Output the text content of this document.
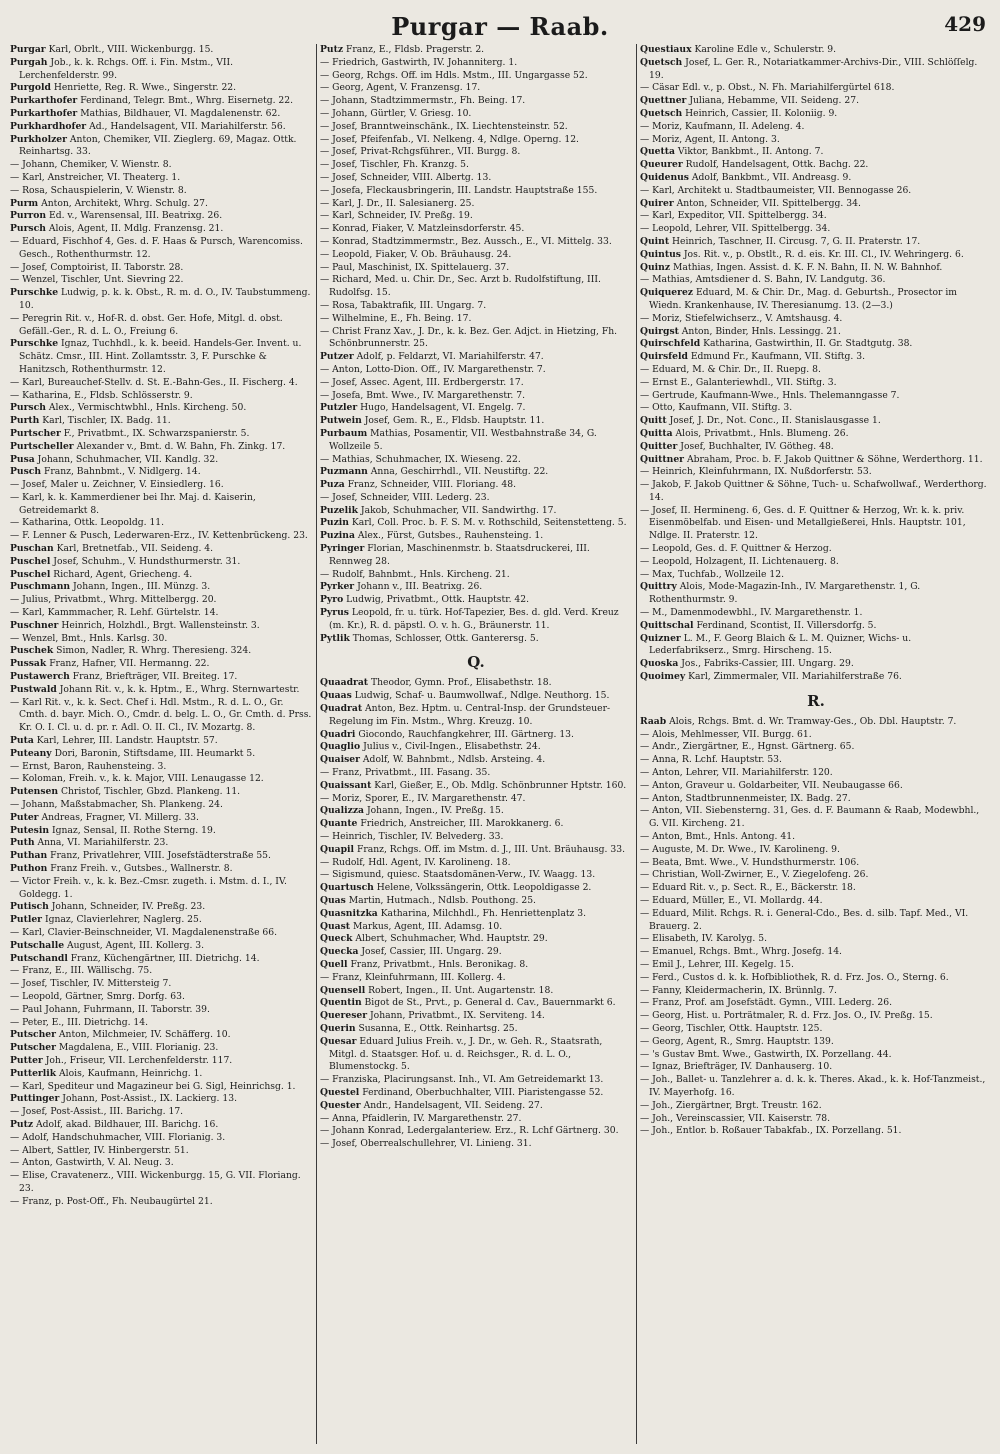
Purgar — Raab.	429
Purgar Karl, Obrlt., VIII. Wickenburgg. 15.
Purgah Job., k. k. Rchgs. Off. i. Fin. Mstm., VII. Lerchenfelderstr. 99.
Purgold Henriette, Reg. R. Wwe., Singerstr. 22.
Purkarthofer Ferdinand, Telegr. Bmt., Whrg. Eisernetg. 22.
Purkarthofer Mathias, Bildhauer, VI. Magdalenenstr. 62.
Purkhardhofer Ad., Handelsagent, VII. Mariahilferstr. 56.
Purkholzer Anton, Chemiker, VII. Zieglerg. 69, Magaz. Ottk. Reinhartsg. 33.
— Johann, Chemiker, V. Wienstr. 8.
— Karl, Anstreicher, VI. Theaterg. 1.
— Rosa, Schauspielerin, V. Wienstr. 8.
Purm Anton, Architekt, Whrg. Schulg. 27.
Purron Ed. v., Warensensal, III. Beatrixg. 26.
Pursch Alois, Agent, II. Mdlg. Franzensg. 21.
— Eduard, Fischhof 4, Ges. d. F. Haas & Pursch, Warencomiss. Gesch., Rothenthurmstr. 12.
— Josef, Comptoirist, II. Taborstr. 28.
— Wenzel, Tischler, Unt. Sievring 22.
Purschke Ludwig, p. k. k. Obst., R. m. d. O., IV. Taubstummeng. 10.
— Peregrin Rit. v., Hof-R. d. obst. Ger. Hofe, Mitgl. d. obst. Gefäll.-Ger., R. d. L. O., Freiung 6.
Purschke Ignaz, Tuchhdl., k. k. beeid. Handels-Ger. Invent. u. Schätz. Cmsr., III. Hint. Zollamtsstr. 3, F. Purschke & Hanitzsch, Rothenthurmstr. 12.
— Karl, Bureauchef-Stellv. d. St. E.-Bahn-Ges., II. Fischerg. 4.
— Katharina, E., Fldsb. Schlösserstr. 9.
Pursch Alex., Vermischtwbhl., Hnls. Kircheng. 50.
Purth Karl, Tischler, IX. Badg. 11.
Purtscher F., Privatbmt., IX. Schwarzspanierstr. 5.
Purtscheller Alexander v., Bmt. d. W. Bahn, Fh. Zinkg. 17.
Pusa Johann, Schuhmacher, VII. Kandlg. 32.
Pusch Franz, Bahnbmt., V. Nidlgerg. 14.
— Josef, Maler u. Zeichner, V. Einsiedlerg. 16.
— Karl, k. k. Kammerdiener bei Ihr. Maj. d. Kaiserin, Getreidemarkt 8.
— Katharina, Ottk. Leopoldg. 11.
— F. Lenner & Pusch, Lederwaren-Erz., IV. Kettenbrückeng. 23.
Puschan Karl, Bretnetfab., VII. Seideng. 4.
Puschel Josef, Schuhm., V. Hundsthurmerstr. 31.
Puschel Richard, Agent, Griecheng. 4.
Puschmann Johann, Ingen., III. Münzg. 3.
— Julius, Privatbmt., Whrg. Mittelbergg. 20.
— Karl, Kammmacher, R. Lehf. Gürtelstr. 14.
Puschner Heinrich, Holzhdl., Brgt. Wallensteinstr. 3.
— Wenzel, Bmt., Hnls. Karlsg. 30.
Puschek Simon, Nadler, R. Whrg. Theresieng. 324.
Pussak Franz, Hafner, VII. Hermanng. 22.
Pustawerch Franz, Briefträger, VII. Breiteg. 17.
Pustwald Johann Rit. v., k. k. Hptm., E., Whrg. Sternwartestr.
— Karl Rit. v., k. k. Sect. Chef i. Hdl. Mstm., R. d. L. O., Gr. Cmth. d. bayr. Mich. O., Cmdr. d. belg. L. O., Gr. Cmth. d. Prss. Kr. O. I. Cl. u. d. pr. r. Adl. O. II. Cl., IV. Mozartg. 8.
Puta Karl, Lehrer, III. Landstr. Hauptstr. 57.
Puteany Dori, Baronin, Stiftsdame, III. Heumarkt 5.
— Ernst, Baron, Rauhensteing. 3.
— Koloman, Freih. v., k. k. Major, VIII. Lenaugasse 12.
Putensen Christof, Tischler, Gbzd. Plankeng. 11.
— Johann, Maßstabmacher, Sh. Plankeng. 24.
Puter Andreas, Fragner, VI. Millerg. 33.
Putesin Ignaz, Sensal, II. Rothe Sterng. 19.
Puth Anna, VI. Mariahilferstr. 23.
Puthan Franz, Privatlehrer, VIII. Josefstädterstraße 55.
Puthon Franz Freih. v., Gutsbes., Wallnerstr. 8.
— Victor Freih. v., k. k. Bez.-Cmsr. zugeth. i. Mstm. d. I., IV. Goldegg. 1.
Putisch Johann, Schneider, IV. Preßg. 23.
Putler Ignaz, Clavierlehrer, Naglerg. 25.
— Karl, Clavier-Beinschneider, VI. Magdalenenstraße 66.
Putschalle August, Agent, III. Kollerg. 3.
Putschandl Franz, Küchengärtner, III. Dietrichg. 14.
— Franz, E., III. Wällischg. 75.
— Josef, Tischler, IV. Mittersteig 7.
— Leopold, Gärtner, Smrg. Dorfg. 63.
— Paul Johann, Fuhrmann, II. Taborstr. 39.
— Peter, E., III. Dietrichg. 14.
Putscher Anton, Milchmeier, IV. Schäfferg. 10.
Putscher Magdalena, E., VIII. Florianig. 23.
Putter Joh., Friseur, VII. Lerchenfelderstr. 117.
Putterlik Alois, Kaufmann, Heinrichg. 1.
— Karl, Spediteur und Magazineur bei G. Sigl, Heinrichsg. 1.
Puttinger Johann, Post-Assist., IX. Lackierg. 13.
— Josef, Post-Assist., III. Barichg. 17.
Putz Adolf, akad. Bildhauer, III. Barichg. 16.
— Adolf, Handschuhmacher, VIII. Florianig. 3.
— Albert, Sattler, IV. Hinbergerstr. 51.
— Anton, Gastwirth, V. Al. Neug. 3.
— Elise, Cravatenerz., VIII. Wickenburgg. 15, G. VII. Floriang. 23.
— Franz, p. Post-Off., Fh. Neubaugürtel 21.
Putz Franz, E., Fldsb. Pragerstr. 2.
— Friedrich, Gastwirth, IV. Johanniterg. 1.
— Georg, Rchgs. Off. im Hdls. Mstm., III. Ungargasse 52.
— Georg, Agent, V. Franzensg. 17.
— Johann, Stadtzimmermstr., Fh. Being. 17.
— Johann, Gürtler, V. Griesg. 10.
— Josef, Branntweinschänk., IX. Liechtensteinstr. 52.
— Josef, Pfeifenfab., VI. Nelkeng. 4, Ndlge. Operng. 12.
— Josef, Privat-Rchgsführer., VII. Burgg. 8.
— Josef, Tischler, Fh. Kranzg. 5.
— Josef, Schneider, VIII. Albertg. 13.
— Josefa, Fleckausbringerin, III. Landstr. Hauptstraße 155.
— Karl, J. Dr., II. Salesianerg. 25.
— Karl, Schneider, IV. Preßg. 19.
— Konrad, Fiaker, V. Matzleinsdorferstr. 45.
— Konrad, Stadtzimmermstr., Bez. Aussch., E., VI. Mittelg. 33.
— Leopold, Fiaker, V. Ob. Bräuhausg. 24.
— Paul, Maschinist, IX. Spittelauerg. 37.
— Richard, Med. u. Chir. Dr., Sec. Arzt b. Rudolfstiftung, III. Rudolfsg. 15.
— Rosa, Tabaktrafik, III. Ungarg. 7.
— Wilhelmine, E., Fh. Being. 17.
— Christ Franz Xav., J. Dr., k. k. Bez. Ger. Adjct. in Hietzing, Fh. Schönbrunnerstr. 25.
Putzer Adolf, p. Feldarzt, VI. Mariahilferstr. 47.
— Anton, Lotto-Dion. Off., IV. Margarethenstr. 7.
— Josef, Assec. Agent, III. Erdbergerstr. 17.
— Josefa, Bmt. Wwe., IV. Margarethenstr. 7.
Putzler Hugo, Handelsagent, VI. Engelg. 7.
Putwein Josef, Gem. R., E., Fldsb. Hauptstr. 11.
Purbaum Mathias, Posamentir, VII. Westbahnstraße 34, G. Wollzeile 5.
— Mathias, Schuhmacher, IX. Wieseng. 22.
Puzmann Anna, Geschirrhdl., VII. Neustiftg. 22.
Puza Franz, Schneider, VIII. Floriang. 48.
— Josef, Schneider, VIII. Lederg. 23.
Puzelik Jakob, Schuhmacher, VII. Sandwirthg. 17.
Puzin Karl, Coll. Proc. b. F. S. M. v. Rothschild, Seitenstetteng. 5.
Puzina Alex., Fürst, Gutsbes., Rauhensteing. 1.
Pyringer Florian, Maschinenmstr. b. Staatsdruckerei, III. Rennweg 28.
— Rudolf, Bahnbmt., Hnls. Kircheng. 21.
Pyrker Johann v., III. Beatrixg. 26.
Pyro Ludwig, Privatbmt., Ottk. Hauptstr. 42.
Pyrus Leopold, fr. u. türk. Hof-Tapezier, Bes. d. gld. Verd. Kreuz (m. Kr.), R. d. päpstl. O. v. h. G., Bräunerstr. 11.
Pytlik Thomas, Schlosser, Ottk. Ganterersg. 5.
Q.
Quaadrat Theodor, Gymn. Prof., Elisabethstr. 18.
Quaas Ludwig, Schaf- u. Baumwollwaf., Ndlge. Neuthorg. 15.
Quadrat Anton, Bez. Hptm. u. Central-Insp. der Grundsteuer-Regelung im Fin. Mstm., Whrg. Kreuzg. 10.
Quadri Giocondo, Rauchfangkehrer, III. Gärtnerg. 13.
Quaglio Julius v., Civil-Ingen., Elisabethstr. 24.
Quaiser Adolf, W. Bahnbmt., Ndlsb. Arsteing. 4.
— Franz, Privatbmt., III. Fasang. 35.
Quaissant Karl, Gießer, E., Ob. Mdlg. Schönbrunner Hptstr. 160.
— Moriz, Sporer, E., IV. Margarethenstr. 47.
Qualizza Johann, Ingen., IV. Preßg. 15.
Quante Friedrich, Anstreicher, III. Marokkanerg. 6.
— Heinrich, Tischler, IV. Belvederg. 33.
Quapil Franz, Rchgs. Off. im Mstm. d. J., III. Unt. Bräuhausg. 33.
— Rudolf, Hdl. Agent, IV. Karolineng. 18.
— Sigismund, quiesc. Staatsdomänen-Verw., IV. Waagg. 13.
Quartusch Helene, Volkssängerin, Ottk. Leopoldigasse 2.
Quas Martin, Hutmach., Ndlsb. Pouthong. 25.
Quasnitzka Katharina, Milchhdl., Fh. Henriettenplatz 3.
Quast Markus, Agent, III. Adamsg. 10.
Queck Albert, Schuhmacher, Whd. Hauptstr. 29.
Quecka Josef, Cassier, III. Ungarg. 29.
Quell Franz, Privatbmt., Hnls. Beronikag. 8.
— Franz, Kleinfuhrmann, III. Kollerg. 4.
Quensell Robert, Ingen., II. Unt. Augartenstr. 18.
Quentin Bigot de St., Prvt., p. General d. Cav., Bauernmarkt 6.
Quereser Johann, Privatbmt., IX. Serviteng. 14.
Querin Susanna, E., Ottk. Reinhartsg. 25.
Quesar Eduard Julius Freih. v., J. Dr., w. Geh. R., Staatsrath, Mitgl. d. Staatsger. Hof. u. d. Reichsger., R. d. L. O., Blumenstockg. 5.
— Franziska, Placirungsanst. Inh., VI. Am Getreidemarkt 13.
Questel Ferdinand, Oberbuchhalter, VIII. Piaristengasse 52.
Quester Andr., Handelsagent, VII. Seideng. 27.
— Anna, Pfaidlerin, IV. Margarethenstr. 27.
— Johann Konrad, Ledergalanteriew. Erz., R. Lchf Gärtnerg. 30.
— Josef, Oberrealschullehrer, VI. Linieng. 31.
Questiaux Karoline Edle v., Schulerstr. 9.
Quetsch Josef, L. Ger. R., Notariatkammer-Archivs-Dir., VIII. Schlöſſelg. 19.
— Cäsar Edl. v., p. Obst., N. Fh. Mariahilfergürtel 618.
Quettner Juliana, Hebamme, VII. Seideng. 27.
Quetsch Heinrich, Cassier, II. Koloniig. 9.
— Moriz, Kaufmann, II. Adeleng. 4.
— Moriz, Agent, II. Antong. 3.
Quetta Viktor, Bankbmt., II. Antong. 7.
Queurer Rudolf, Handelsagent, Ottk. Bachg. 22.
Quidenus Adolf, Bankbmt., VII. Andreasg. 9.
— Karl, Architekt u. Stadtbaumeister, VII. Bennogasse 26.
Quirer Anton, Schneider, VII. Spittelbergg. 34.
— Karl, Expeditor, VII. Spittelbergg. 34.
— Leopold, Lehrer, VII. Spittelbergg. 34.
Quint Heinrich, Taschner, II. Circusg. 7, G. II. Praterstr. 17.
Quintus Jos. Rit. v., p. Obstlt., R. d. eis. Kr. III. Cl., IV. Wehringerg. 6.
Quinz Mathias, Ingen. Assist. d. K. F. N. Bahn, II. N. W. Bahnhof.
— Mathias, Amtsdiener d. S. Bahn, IV. Landgutg. 36.
Quiquerez Eduard, M. & Chir. Dr., Mag. d. Geburtsh., Prosector im Wiedn. Krankenhause, IV. Theresianumg. 13. (2—3.)
— Moriz, Stiefelwichserz., V. Amtshausg. 4.
Quirgst Anton, Binder, Hnls. Lessingg. 21.
Quirschfeld Katharina, Gastwirthin, II. Gr. Stadtgutg. 38.
Quirsfeld Edmund Fr., Kaufmann, VII. Stiftg. 3.
— Eduard, M. & Chir. Dr., II. Ruepg. 8.
— Ernst E., Galanteriewhdl., VII. Stiftg. 3.
— Gertrude, Kaufmann-Wwe., Hnls. Thelemanngasse 7.
— Otto, Kaufmann, VII. Stiftg. 3.
Quitt Josef, J. Dr., Not. Conc., II. Stanislausgasse 1.
Quitta Alois, Privatbmt., Hnls. Blumeng. 26.
Quitter Josef, Buchhalter, IV. Götheg. 48.
Quittner Abraham, Proc. b. F. Jakob Quittner & Söhne, Werderthorg. 11.
— Heinrich, Kleinfuhrmann, IX. Nußdorferstr. 53.
— Jakob, F. Jakob Quittner & Söhne, Tuch- u. Schafwollwaf., Werderthorg. 14.
— Josef, II. Hermineng. 6, Ges. d. F. Quittner & Herzog, Wr. k. k. priv. Eisenmöbelfab. und Eisen- und Metallgießerei, Hnls. Hauptstr. 101, Ndlge. II. Praterstr. 12.
— Leopold, Ges. d. F. Quittner & Herzog.
— Leopold, Holzagent, II. Lichtenauerg. 8.
— Max, Tuchfab., Wollzeile 12.
Quittry Alois, Mode-Magazin-Inh., IV. Margarethenstr. 1, G. Rothenthurmstr. 9.
— M., Damenmodewbhl., IV. Margarethenstr. 1.
Quittschal Ferdinand, Scontist, II. Villersdorfg. 5.
Quizner L. M., F. Georg Blaich & L. M. Quizner, Wichs- u. Lederfabrikserz., Smrg. Hirscheng. 15.
Quoska Jos., Fabriks-Cassier, III. Ungarg. 29.
Quoimey Karl, Zimmermaler, VII. Mariahilferstraße 76.
R.
Raab Alois, Rchgs. Bmt. d. Wr. Tramway-Ges., Ob. Dbl. Hauptstr. 7.
— Alois, Mehlmesser, VII. Burgg. 61.
— Andr., Ziergärtner, E., Hgnst. Gärtnerg. 65.
— Anna, R. Lchf. Hauptstr. 53.
— Anton, Lehrer, VII. Mariahilferstr. 120.
— Anton, Graveur u. Goldarbeiter, VII. Neubaugasse 66.
— Anton, Stadtbrunnenmeister, IX. Badg. 27.
— Anton, VII. Siebensterng. 31, Ges. d. F. Baumann & Raab, Modewbhl., G. VII. Kircheng. 21.
— Anton, Bmt., Hnls. Antong. 41.
— Auguste, M. Dr. Wwe., IV. Karolineng. 9.
— Beata, Bmt. Wwe., V. Hundsthurmerstr. 106.
— Christian, Woll-Zwirner, E., V. Ziegelofeng. 26.
— Eduard Rit. v., p. Sect. R., E., Bäckerstr. 18.
— Eduard, Müller, E., VI. Mollardg. 44.
— Eduard, Milit. Rchgs. R. i. General-Cdo., Bes. d. silb. Tapf. Med., VI. Brauerg. 2.
— Elisabeth, IV. Karolyg. 5.
— Emanuel, Rchgs. Bmt., Whrg. Josefg. 14.
— Emil J., Lehrer, III. Kegelg. 15.
— Ferd., Custos d. k. k. Hofbibliothek, R. d. Frz. Jos. O., Sterng. 6.
— Fanny, Kleidermacherin, IX. Brünnlg. 7.
— Franz, Prof. am Josefstädt. Gymn., VIII. Lederg. 26.
— Georg, Hist. u. Porträtmaler, R. d. Frz. Jos. O., IV. Preßg. 15.
— Georg, Tischler, Ottk. Hauptstr. 125.
— Georg, Agent, R., Smrg. Hauptstr. 139.
— 's Gustav Bmt. Wwe., Gastwirth, IX. Porzellang. 44.
— Ignaz, Briefträger, IV. Danhauserg. 10.
— Joh., Ballet- u. Tanzlehrer a. d. k. k. Theres. Akad., k. k. Hof-Tanzmeist., IV. Mayerhofg. 16.
— Joh., Ziergärtner, Brgt. Treustr. 162.
— Joh., Vereinscassier, VII. Kaiserstr. 78.
— Joh., Entlor. b. Roßauer Tabakfab., IX. Porzellang. 51.
